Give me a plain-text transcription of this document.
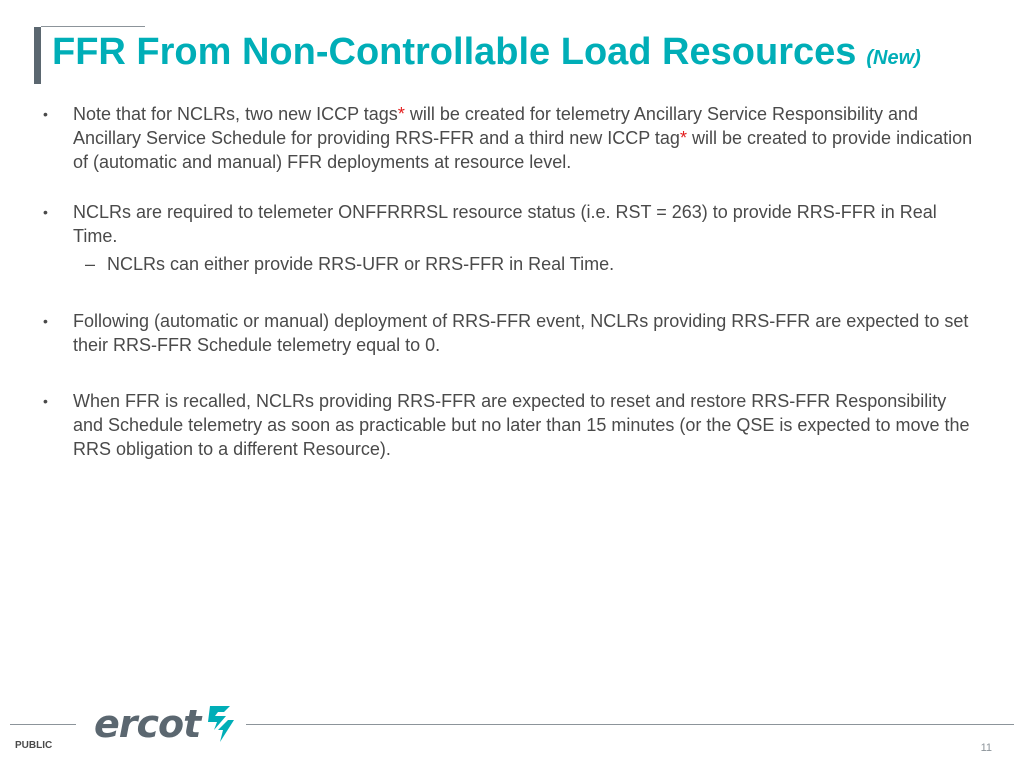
FFR From Non-Controllable Load Resources (New)

• Note that for NCLRs, two new ICCP tags* will be created for telemetry Ancillary Service Responsibility and Ancillary Service Schedule for providing RRS-FFR and a third new ICCP tag* will be created to provide indication of (automatic and manual) FFR deployments at resource level.

• NCLRs are required to telemeter ONFFRRRSL resource status (i.e. RST = 263) to provide RRS-FFR in Real Time.

– NCLRs can either provide RRS-UFR or RRS-FFR in Real Time.

• Following (automatic or manual) deployment of RRS-FFR event, NCLRs providing RRS-FFR are expected to set their RRS-FFR Schedule telemetry equal to 0.

• When FFR is recalled, NCLRs providing RRS-FFR are expected to reset and restore RRS-FFR Responsibility and Schedule telemetry as soon as practicable but no later than 15 minutes (or the QSE is expected to move the RRS obligation to a different Resource).

ercot
PUBLIC	11
